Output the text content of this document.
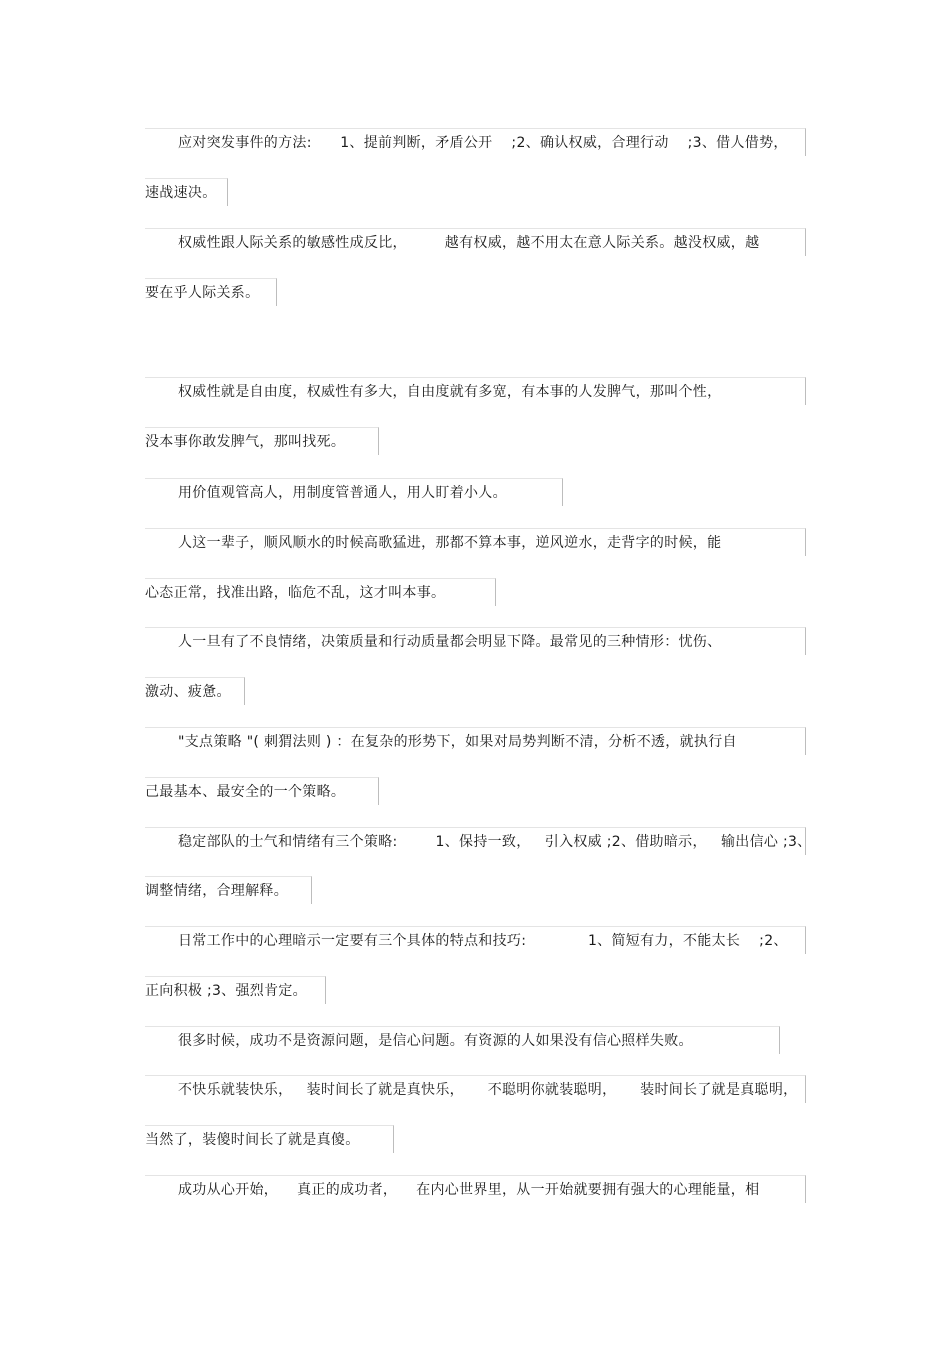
应对突发事件的方法:      1、提前判断，矛盾公开    ;2、确认权威，合理行动    ;3、借人借势，
速战速决。
权威性跟人际关系的敏感性成反比，        越有权威，越不用太在意人际关系。越没权威，越
要在乎人际关系。
权威性就是自由度，权威性有多大，自由度就有多宽，有本事的人发脾气，那叫个性，
没本事你敢发脾气，那叫找死。
用价值观管高人，用制度管普通人，用人盯着小人。
人这一辈子，顺风顺水的时候高歌猛进，那都不算本事，逆风逆水，走背字的时候，能
心态正常，找准出路，临危不乱，这才叫本事。
人一旦有了不良情绪，决策质量和行动质量都会明显下降。最常见的三种情形：忧伤、
激动、疲惫。
"支点策略 "( 刺猬法则 ) ：在复杂的形势下，如果对局势判断不清，分析不透，就执行自
己最基本、最安全的一个策略。
稳定部队的士气和情绪有三个策略:        1、保持一致，   引入权威 ;2、借助暗示，   输出信心 ;3、
调整情绪，合理解释。
日常工作中的心理暗示一定要有三个具体的特点和技巧:             1、简短有力，不能太长    ;2、
正向积极 ;3、强烈肯定。
很多时候，成功不是资源问题，是信心问题。有资源的人如果没有信心照样失败。
不快乐就装快乐，   装时间长了就是真快乐，     不聪明你就装聪明，     装时间长了就是真聪明，
当然了，装傻时间长了就是真傻。
成功从心开始，    真正的成功者，    在内心世界里，从一开始就要拥有强大的心理能量，相
